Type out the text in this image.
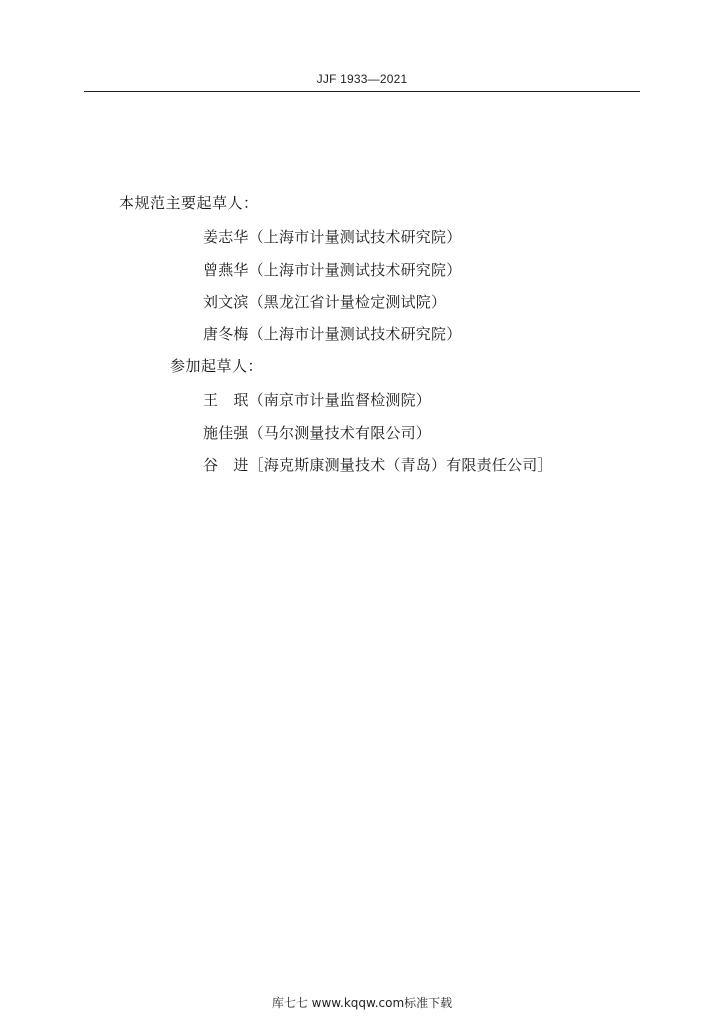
JJF 1933—2021
本规范主要起草人：
姜志华（上海市计量测试技术研究院）
曾燕华（上海市计量测试技术研究院）
刘文滨（黑龙江省计量检定测试院）
唐冬梅（上海市计量测试技术研究院）
参加起草人：
王　珉（南京市计量监督检测院）
施佳强（马尔测量技术有限公司）
谷　进［海克斯康测量技术（青岛）有限责任公司］
库七七 www.kqqw.com标准下载
